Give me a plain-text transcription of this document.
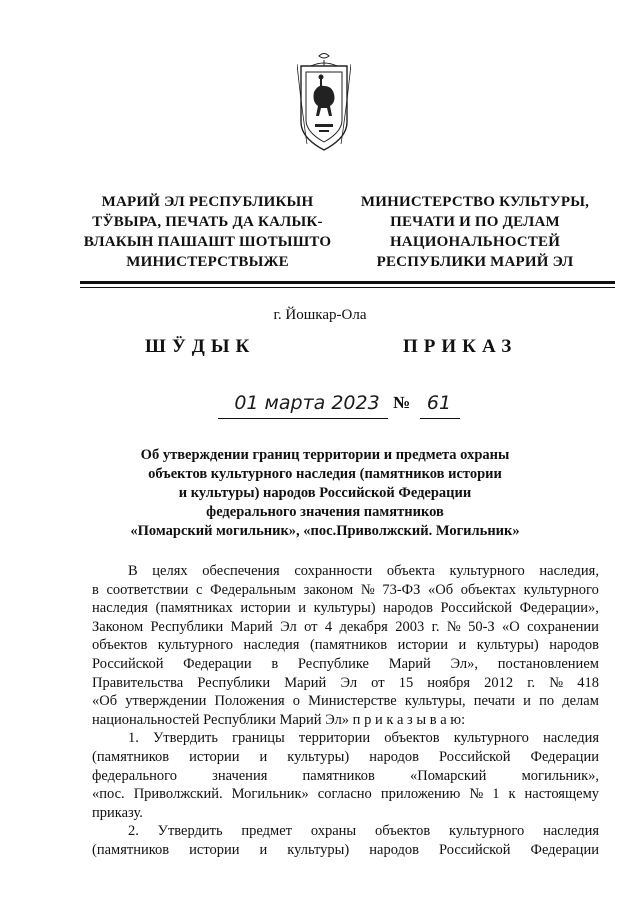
МАРИЙ ЭЛ РЕСПУБЛИКЫН
ТӰВЫРА, ПЕЧАТЬ ДА КАЛЫК-
ВЛАКЫН ПАШАШТ ШОТЫШТО
МИНИСТЕРСТВЫЖЕ
МИНИСТЕРСТВО КУЛЬТУРЫ,
ПЕЧАТИ И ПО ДЕЛАМ
НАЦИОНАЛЬНОСТЕЙ
РЕСПУБЛИКИ МАРИЙ ЭЛ
г. Йошкар-Ола
ШӰДЫК	ПРИКАЗ
01 марта 2023 № 61
Об утверждении границ территории и предмета охраны
объектов культурного наследия (памятников истории
и культуры) народов Российской Федерации
федерального значения памятников
«Помарский могильник», «пос.Приволжский. Могильник»
В целях обеспечения сохранности объекта культурного наследия,
в соответствии с Федеральным законом № 73-ФЗ «Об объектах культурного
наследия (памятниках истории и культуры) народов Российской Федерации»,
Законом Республики Марий Эл от 4 декабря 2003 г. № 50-З «О сохранении
объектов культурного наследия (памятников истории и культуры) народов
Российской Федерации в Республике Марий Эл», постановлением
Правительства Республики Марий Эл от 15 ноября 2012 г. № 418
«Об утверждении Положения о Министерстве культуры, печати и по делам
национальностей Республики Марий Эл» п р и к а з ы в а ю:
1. Утвердить границы территории объектов культурного наследия
(памятников истории и культуры) народов Российской Федерации
федерального значения памятников «Помарский могильник»,
«пос. Приволжский. Могильник» согласно приложению № 1 к настоящему
приказу.
2. Утвердить предмет охраны объектов культурного наследия
(памятников истории и культуры) народов Российской Федерации
